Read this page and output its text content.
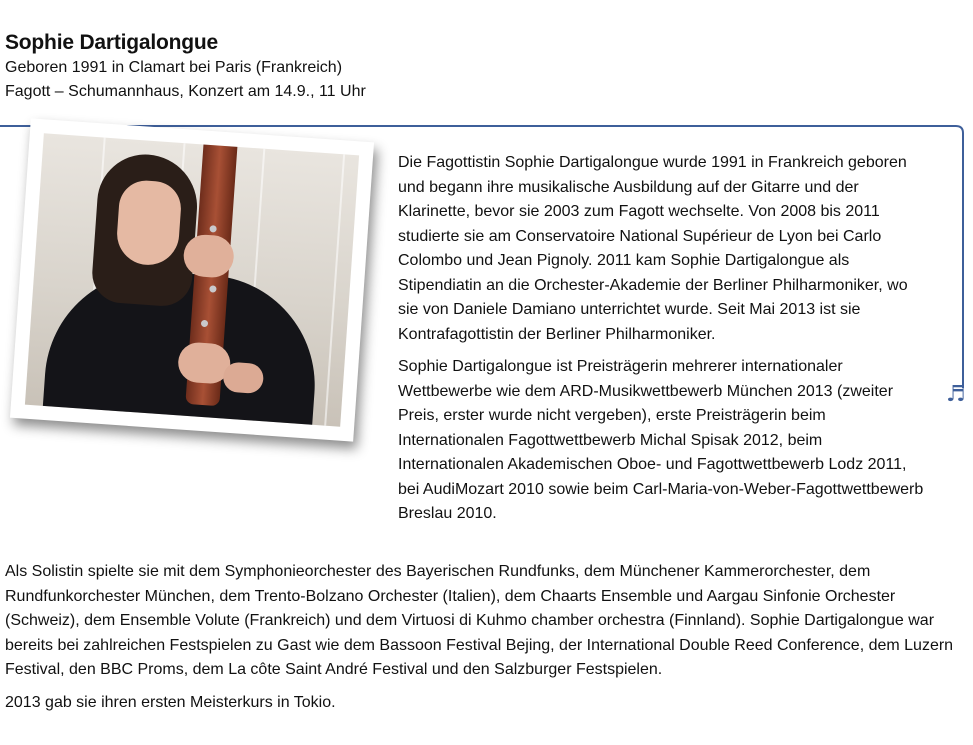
Sophie Dartigalongue
Geboren 1991 in Clamart bei Paris (Frankreich)
Fagott – Schumannhaus, Konzert am 14.9., 11 Uhr

Die Fagottistin Sophie Dartigalongue wurde 1991 in Frankreich geboren und begann ihre musikalische Ausbildung auf der Gitarre und der Klarinette, bevor sie 2003 zum Fagott wechselte. Von 2008 bis 2011 studierte sie am Conservatoire National Supérieur de Lyon bei Carlo Colombo und Jean Pignoly. 2011 kam Sophie Dartigalongue als Stipendiatin an die Orchester-Akademie der Berliner Philharmoniker, wo sie von Daniele Damiano unterrichtet wurde. Seit Mai 2013 ist sie Kontrafagottistin der Berliner Philharmoniker.

Sophie Dartigalongue ist Preisträgerin mehrerer internationaler Wettbewerbe wie dem ARD-Musikwettbewerb München 2013 (zweiter Preis, erster wurde nicht vergeben), erste Preisträgerin beim Internationalen Fagottwettbewerb Michal Spisak 2012, beim Internationalen Akademischen Oboe- und Fagottwettbewerb Lodz 2011, bei AudiMozart 2010 sowie beim Carl-Maria-von-Weber-Fagottwettbewerb Breslau 2010.

♬

Als Solistin spielte sie mit dem Symphonieorchester des Bayerischen Rundfunks, dem Münchener Kammerorchester, dem Rundfunkorchester München, dem Trento-Bolzano Orchester (Italien), dem Chaarts Ensemble und Aargau Sinfonie Orchester (Schweiz), dem Ensemble Volute (Frankreich) und dem Virtuosi di Kuhmo chamber orchestra (Finnland). Sophie Dartigalongue war bereits bei zahlreichen Festspielen zu Gast wie dem Bassoon Festival Bejing, der International Double Reed Conference, dem Luzern Festival, den BBC Proms, dem La côte Saint André Festival und den Salzburger Festspielen.

2013 gab sie ihren ersten Meisterkurs in Tokio.
